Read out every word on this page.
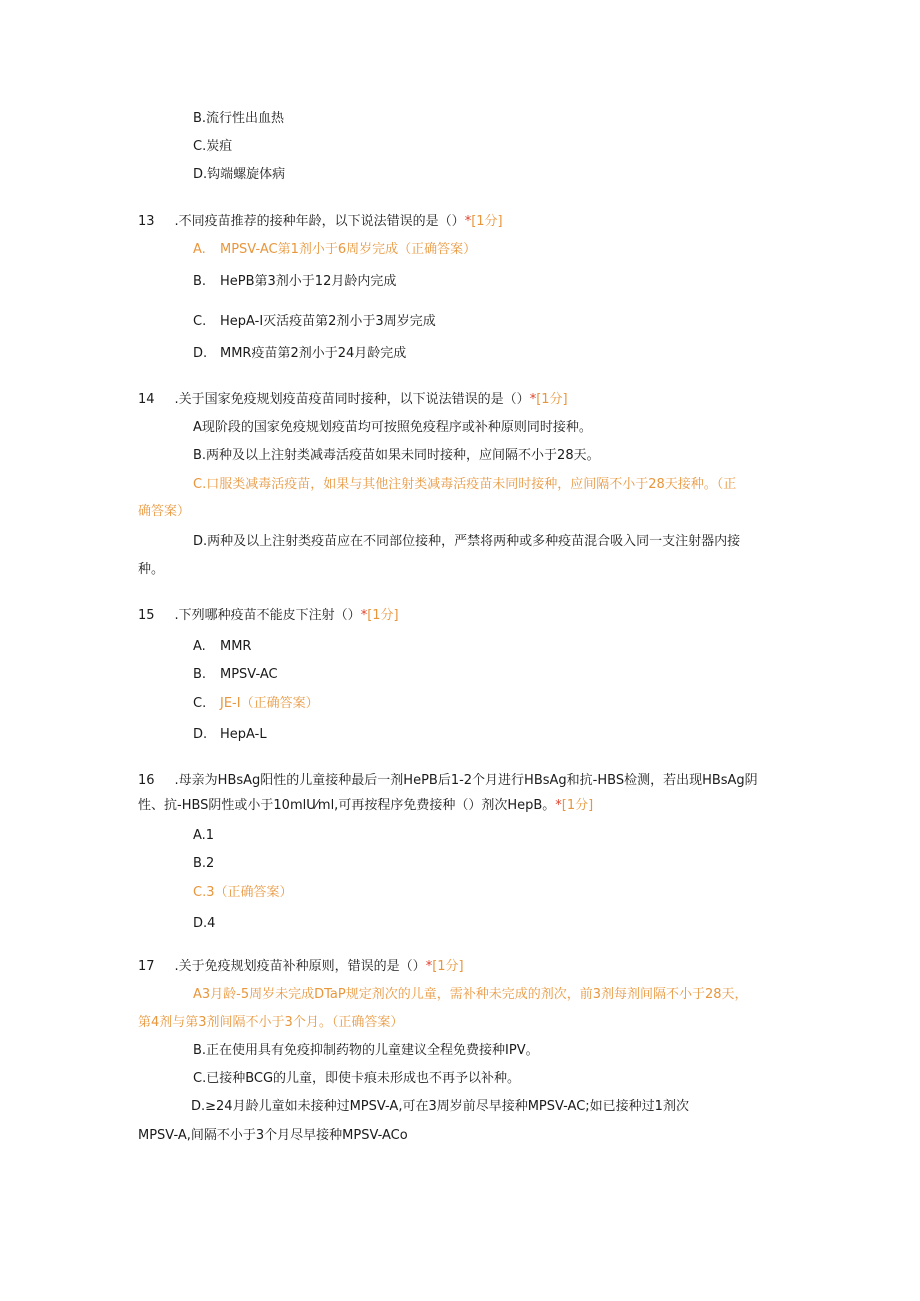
B.流行性出血热
C.炭疽
D.钩端螺旋体病
13 .不同疫苗推荐的接种年龄，以下说法错误的是（）*[1分]
A. MPSV-AC第1剂小于6周岁完成（正确答案）
B. HePB第3剂小于12月龄内完成
C. HepA-I灭活疫苗第2剂小于3周岁完成
D. MMR疫苗第2剂小于24月龄完成
14 .关于国家免疫规划疫苗疫苗同时接种，以下说法错误的是（）*[1分]
A现阶段的国家免疫规划疫苗均可按照免疫程序或补种原则同时接种。
B.两种及以上注射类减毒活疫苗如果未同时接种，应间隔不小于28天。
C.口服类减毒活疫苗，如果与其他注射类减毒活疫苗未同时接种，应间隔不小于28天接种。（正
确答案）
D.两种及以上注射类疫苗应在不同部位接种，严禁将两种或多种疫苗混合吸入同一支注射器内接
种。
15 .下列哪种疫苗不能皮下注射（）*[1分]
A. MMR
B. MPSV-AC
C. JE-I（正确答案）
D. HepA-L
16 .母亲为HBsAg阳性的儿童接种最后一剂HePB后1-2个月进行HBsAg和抗-HBS检测，若出现HBsAg阴
性、抗-HBS阴性或小于10mlU⁄ml,可再按程序免费接种（）剂次HepB。*[1分]
A.1
B.2
C.3（正确答案）
D.4
17 .关于免疫规划疫苗补种原则，错误的是（）*[1分]
A3月龄-5周岁未完成DTaP规定剂次的儿童，需补种未完成的剂次，前3剂每剂间隔不小于28天，
第4剂与第3剂间隔不小于3个月。（正确答案）
B.正在使用具有免疫抑制药物的儿童建议全程免费接种IPV。
C.已接种BCG的儿童，即使卡痕未形成也不再予以补种。
D.≥24月龄儿童如未接种过MPSV-A,可在3周岁前尽早接种MPSV-AC;如已接种过1剂次
MPSV-A,间隔不小于3个月尽早接种MPSV-ACo
